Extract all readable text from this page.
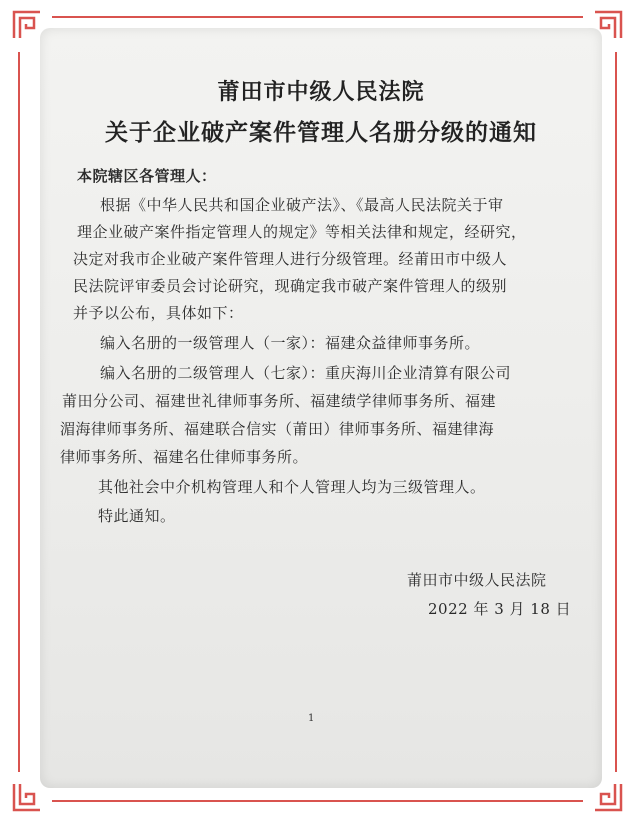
莆田市中级人民法院
关于企业破产案件管理人名册分级的通知
本院辖区各管理人：
根据《中华人民共和国企业破产法》、《最高人民法院关于审
理企业破产案件指定管理人的规定》等相关法律和规定，经研究，
决定对我市企业破产案件管理人进行分级管理。经莆田市中级人
民法院评审委员会讨论研究，现确定我市破产案件管理人的级别
并予以公布，具体如下：
编入名册的一级管理人（一家）：福建众益律师事务所。
编入名册的二级管理人（七家）：重庆海川企业清算有限公司
莆田分公司、福建世礼律师事务所、福建绩学律师事务所、福建
湄海律师事务所、福建联合信实（莆田）律师事务所、福建律海
律师事务所、福建名仕律师事务所。
其他社会中介机构管理人和个人管理人均为三级管理人。
特此通知。
莆田市中级人民法院
2022 年 3 月 18 日
1
